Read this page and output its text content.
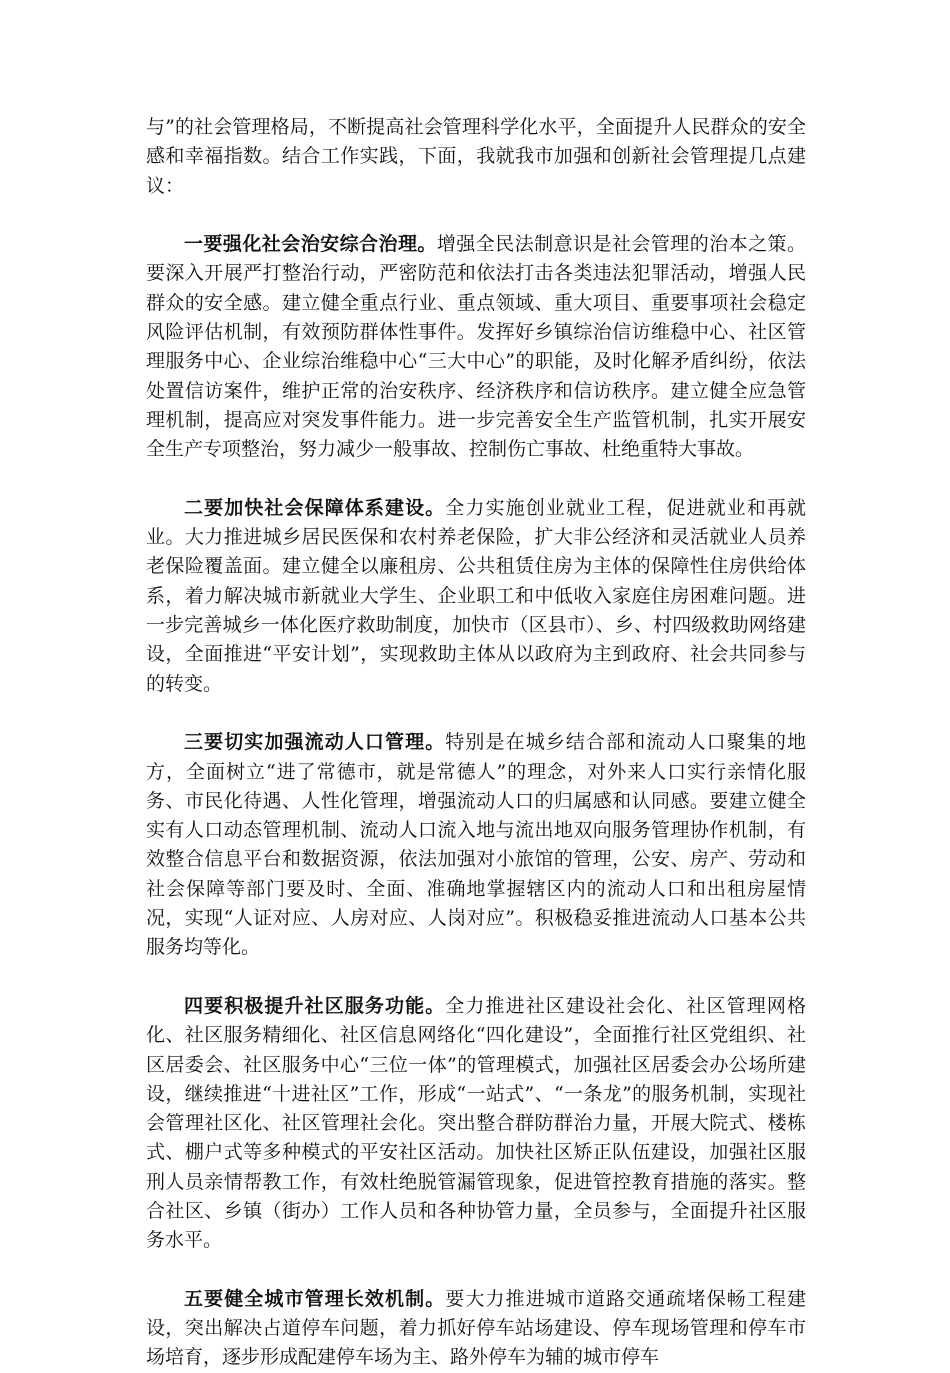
与”的社会管理格局，不断提高社会管理科学化水平，全面提升人民群众的安全感和幸福指数。结合工作实践，下面，我就我市加强和创新社会管理提几点建议：

一要强化社会治安综合治理。增强全民法制意识是社会管理的治本之策。要深入开展严打整治行动，严密防范和依法打击各类违法犯罪活动，增强人民群众的安全感。建立健全重点行业、重点领域、重大项目、重要事项社会稳定风险评估机制，有效预防群体性事件。发挥好乡镇综治信访维稳中心、社区管理服务中心、企业综治维稳中心“三大中心”的职能，及时化解矛盾纠纷，依法处置信访案件，维护正常的治安秩序、经济秩序和信访秩序。建立健全应急管理机制，提高应对突发事件能力。进一步完善安全生产监管机制，扎实开展安全生产专项整治，努力减少一般事故、控制伤亡事故、杜绝重特大事故。

二要加快社会保障体系建设。全力实施创业就业工程，促进就业和再就业。大力推进城乡居民医保和农村养老保险，扩大非公经济和灵活就业人员养老保险覆盖面。建立健全以廉租房、公共租赁住房为主体的保障性住房供给体系，着力解决城市新就业大学生、企业职工和中低收入家庭住房困难问题。进一步完善城乡一体化医疗救助制度，加快市（区县市）、乡、村四级救助网络建设，全面推进“平安计划”，实现救助主体从以政府为主到政府、社会共同参与的转变。

三要切实加强流动人口管理。特别是在城乡结合部和流动人口聚集的地方，全面树立“进了常德市，就是常德人”的理念，对外来人口实行亲情化服务、市民化待遇、人性化管理，增强流动人口的归属感和认同感。要建立健全实有人口动态管理机制、流动人口流入地与流出地双向服务管理协作机制，有效整合信息平台和数据资源，依法加强对小旅馆的管理，公安、房产、劳动和社会保障等部门要及时、全面、准确地掌握辖区内的流动人口和出租房屋情况，实现“人证对应、人房对应、人岗对应”。积极稳妥推进流动人口基本公共服务均等化。

四要积极提升社区服务功能。全力推进社区建设社会化、社区管理网格化、社区服务精细化、社区信息网络化“四化建设”，全面推行社区党组织、社区居委会、社区服务中心“三位一体”的管理模式，加强社区居委会办公场所建设，继续推进“十进社区”工作，形成“一站式”、“一条龙”的服务机制，实现社会管理社区化、社区管理社会化。突出整合群防群治力量，开展大院式、楼栋式、棚户式等多种模式的平安社区活动。加快社区矫正队伍建设，加强社区服刑人员亲情帮教工作，有效杜绝脱管漏管现象，促进管控教育措施的落实。整合社区、乡镇（街办）工作人员和各种协管力量，全员参与，全面提升社区服务水平。

五要健全城市管理长效机制。要大力推进城市道路交通疏堵保畅工程建设，突出解决占道停车问题，着力抓好停车站场建设、停车现场管理和停车市场培育，逐步形成配建停车场为主、路外停车为辅的城市停车
